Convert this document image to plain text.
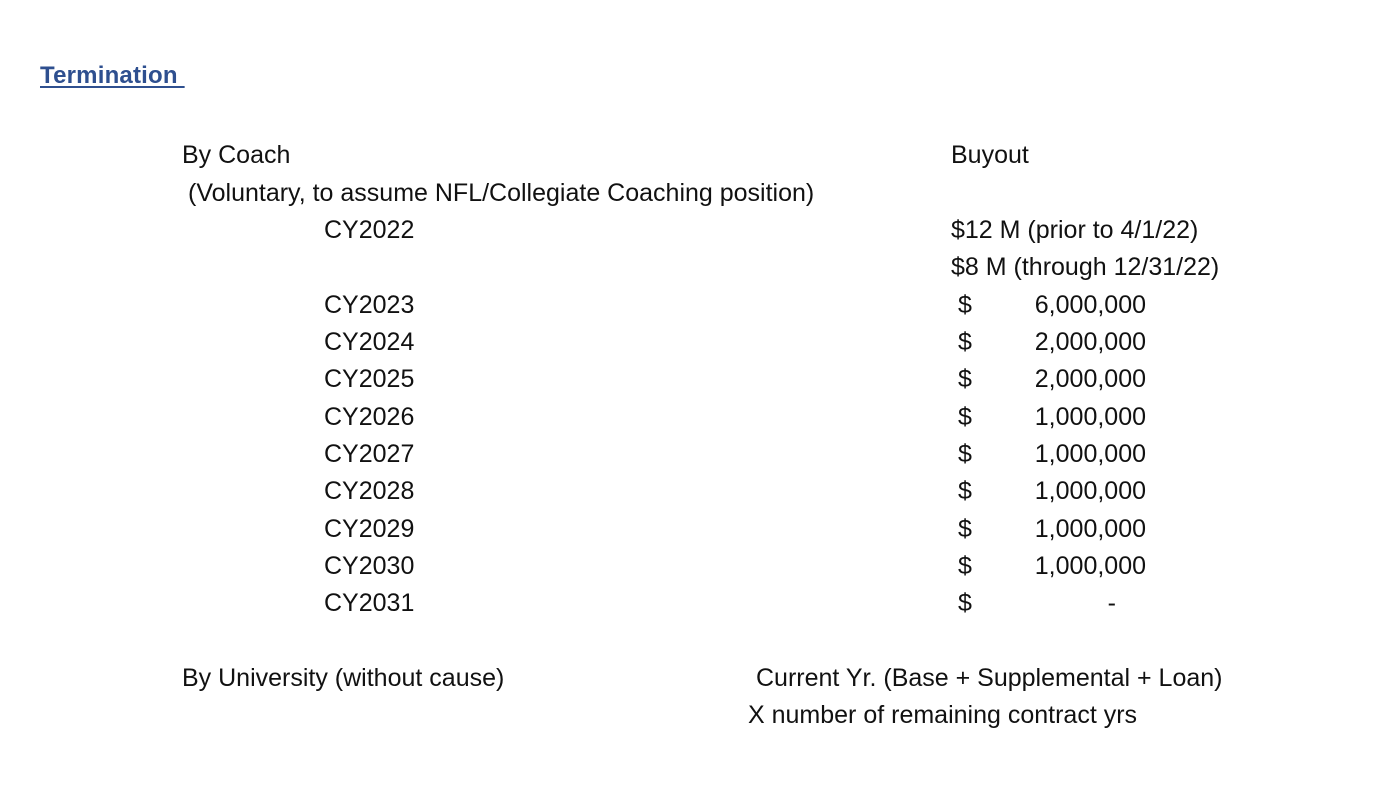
Termination
By Coach	Buyout
(Voluntary, to assume NFL/Collegiate Coaching position)
CY2022	$12 M (prior to 4/1/22)
$8 M (through 12/31/22)
CY2023	$	6,000,000
CY2024	$	2,000,000
CY2025	$	2,000,000
CY2026	$	1,000,000
CY2027	$	1,000,000
CY2028	$	1,000,000
CY2029	$	1,000,000
CY2030	$	1,000,000
CY2031	$	-
By University (without cause)	Current Yr. (Base + Supplemental + Loan)
X number of remaining contract yrs
